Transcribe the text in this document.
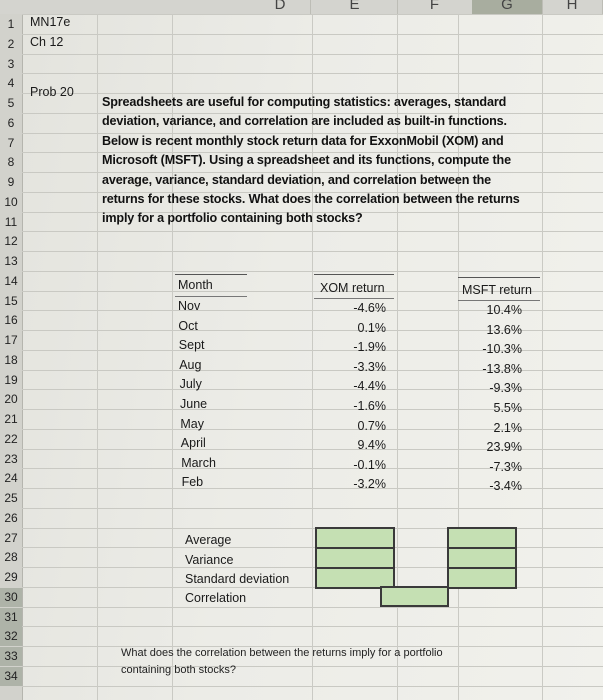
D	E	F	G	H
1
2
3
4
5
6
7
8
9
10
11
12
13
14
15
16
17
18
19
20
21
22
23
24
25
26
27
28
29
30
31
32
33
34
MN17e
Ch 12
Prob 20
Spreadsheets are useful for computing statistics: averages, standard
deviation, variance, and correlation are included as built-in functions.
Below is recent monthly stock return data for ExxonMobil (XOM) and
Microsoft (MSFT). Using a spreadsheet and its functions, compute the
average, variance, standard deviation, and correlation between the
returns for these stocks. What does the correlation between the returns
imply for a portfolio containing both stocks?
Month	XOM return	MSFT return
Nov	-4.6%	10.4%
Oct	0.1%	13.6%
Sept	-1.9%	-10.3%
Aug	-3.3%	-13.8%
July	-4.4%	-9.3%
June	-1.6%	5.5%
May	0.7%	2.1%
April	9.4%	23.9%
March	-0.1%	-7.3%
Feb	-3.2%	-3.4%
Average
Variance
Standard deviation
Correlation
What does the correlation between the returns imply for a portfolio
containing both stocks?
